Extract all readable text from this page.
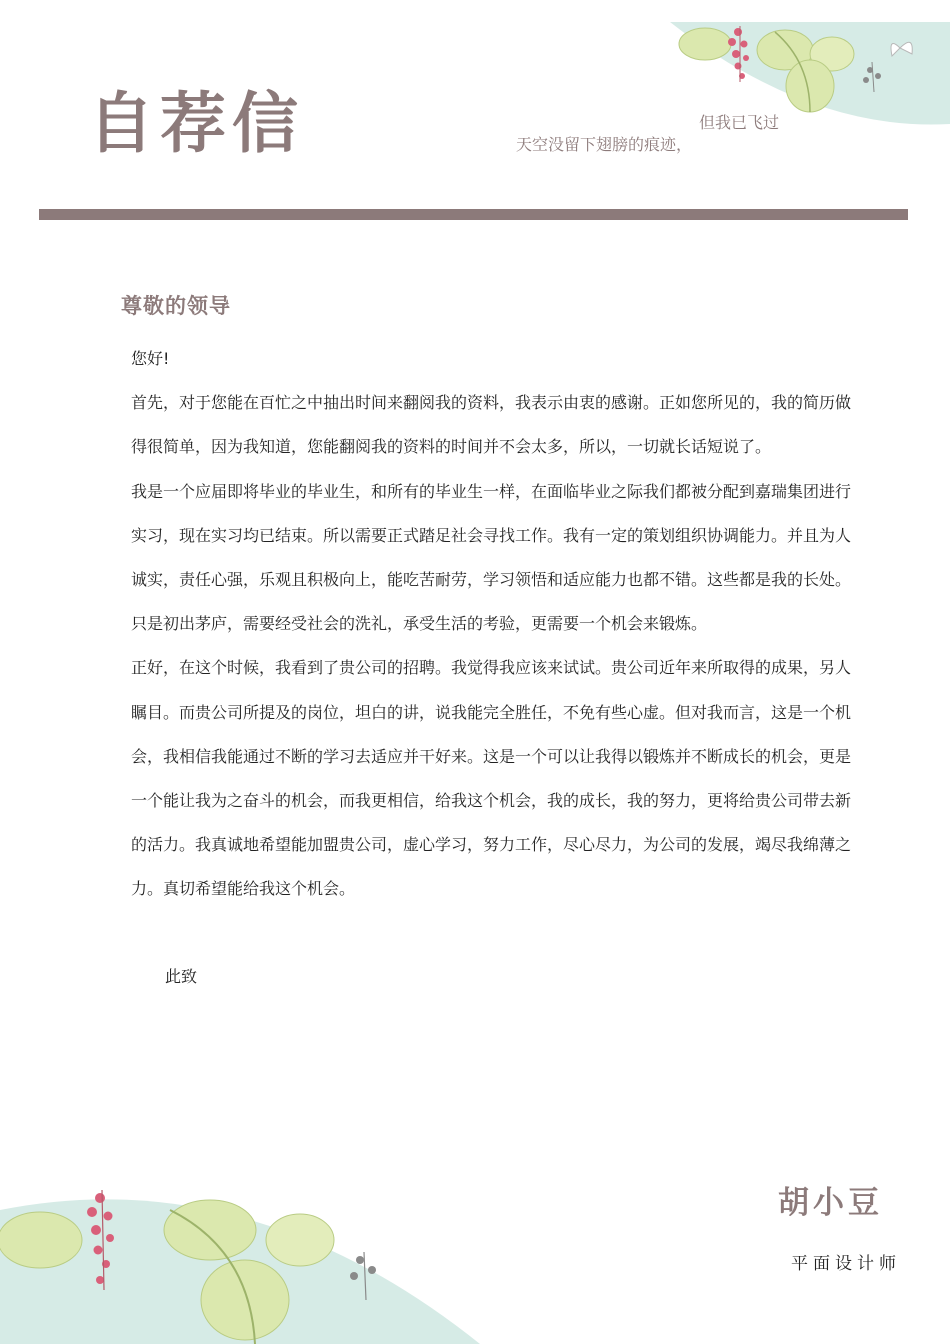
自荐信	但我已飞过
天空没留下翅膀的痕迹，
尊敬的领导

您好!

首先，对于您能在百忙之中抽出时间来翻阅我的资料，我表示由衷的感谢。正如您所见的，我的简历做得很简单，因为我知道，您能翻阅我的资料的时间并不会太多，所以，一切就长话短说了。

我是一个应届即将毕业的毕业生，和所有的毕业生一样，在面临毕业之际我们都被分配到嘉瑞集团进行实习，现在实习均已结束。所以需要正式踏足社会寻找工作。我有一定的策划组织协调能力。并且为人诚实，责任心强，乐观且积极向上，能吃苦耐劳，学习领悟和适应能力也都不错。这些都是我的长处。只是初出茅庐，需要经受社会的洗礼，承受生活的考验，更需要一个机会来锻炼。

正好，在这个时候，我看到了贵公司的招聘。我觉得我应该来试试。贵公司近年来所取得的成果，另人瞩目。而贵公司所提及的岗位，坦白的讲，说我能完全胜任，不免有些心虚。但对我而言，这是一个机会，我相信我能通过不断的学习去适应并干好来。这是一个可以让我得以锻炼并不断成长的机会，更是一个能让我为之奋斗的机会，而我更相信，给我这个机会，我的成长，我的努力，更将给贵公司带去新的活力。我真诚地希望能加盟贵公司，虚心学习，努力工作，尽心尽力，为公司的发展，竭尽我绵薄之力。真切希望能给我这个机会。

此致
胡小豆
平面设计师
